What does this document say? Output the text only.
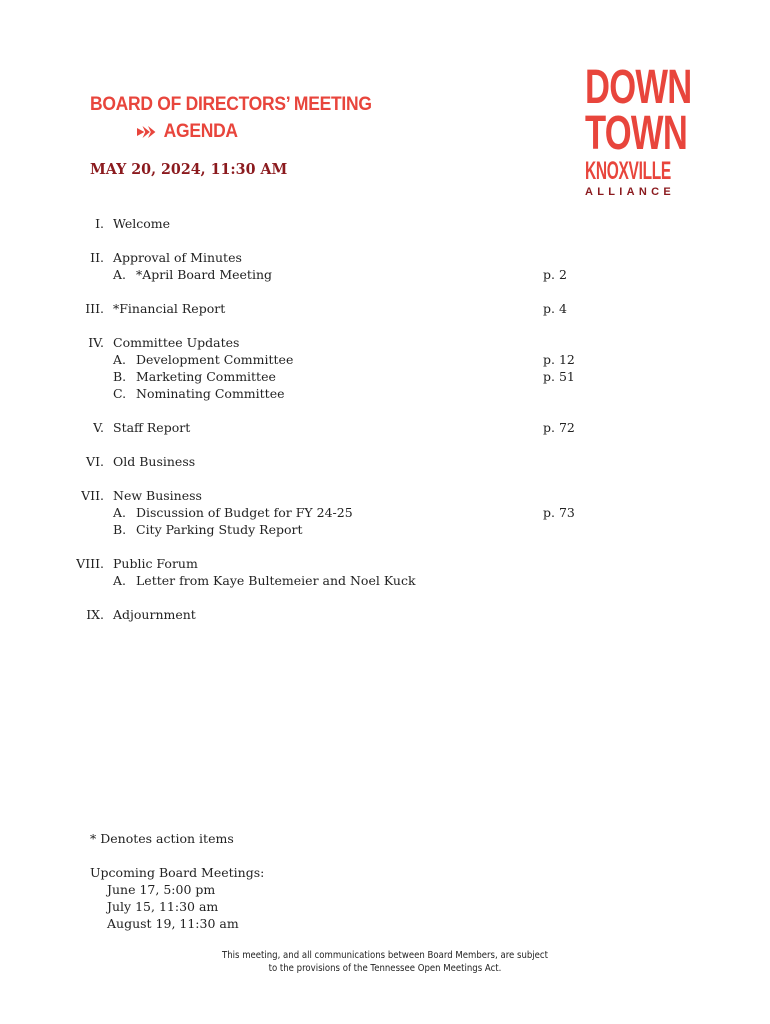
BOARD OF DIRECTORS’ MEETING
AGENDA
MAY 20, 2024, 11:30 AM
DOWN
TOWN
KNOXVILLE
ALLIANCE
I. Welcome
II. Approval of Minutes
A. *April Board Meeting	p. 2
III. *Financial Report	p. 4
IV. Committee Updates
A. Development Committee	p. 12
B. Marketing Committee	p. 51
C. Nominating Committee
V. Staff Report	p. 72
VI. Old Business
VII. New Business
A. Discussion of Budget for FY 24-25	p. 73
B. City Parking Study Report
VIII. Public Forum
A. Letter from Kaye Bultemeier and Noel Kuck
IX. Adjournment
* Denotes action items
Upcoming Board Meetings:
June 17, 5:00 pm
July 15, 11:30 am
August 19, 11:30 am
This meeting, and all communications between Board Members, are subject
to the provisions of the Tennessee Open Meetings Act.
